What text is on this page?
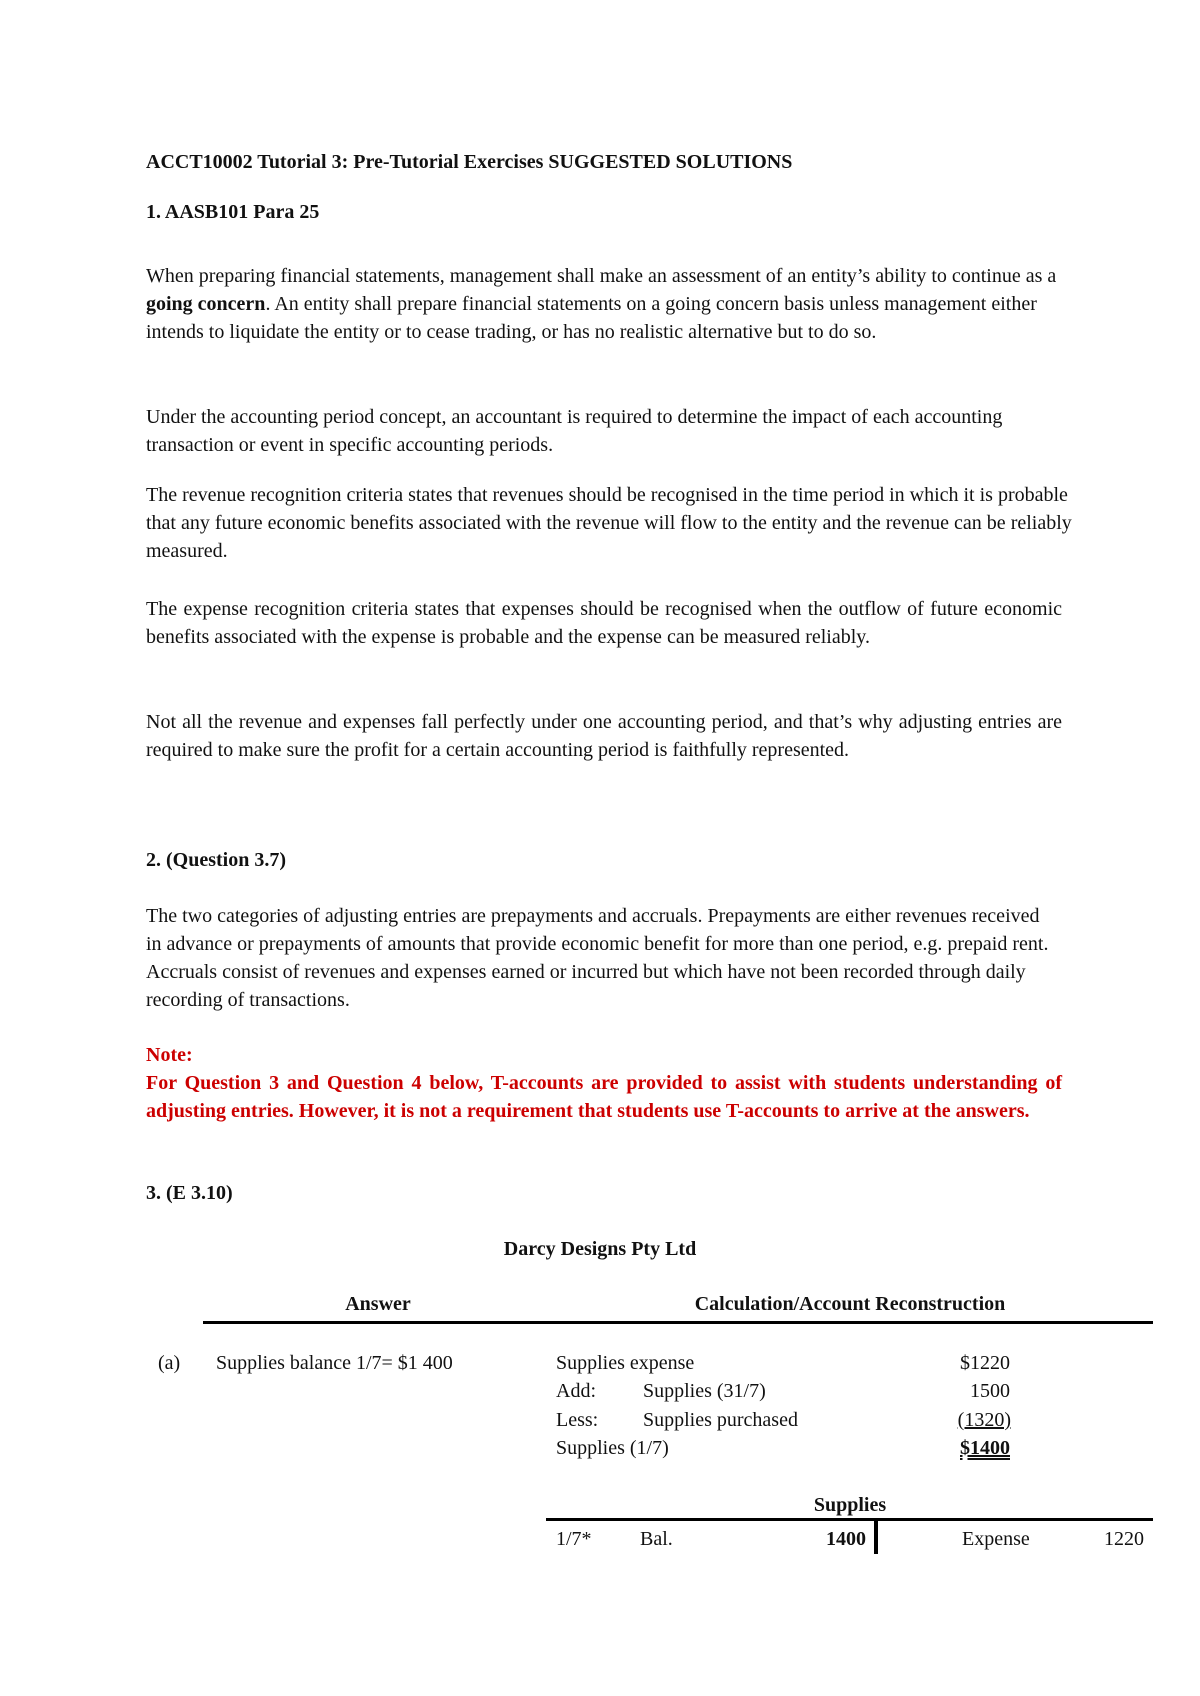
ACCT10002 Tutorial 3: Pre-Tutorial Exercises SUGGESTED SOLUTIONS
1. AASB101 Para 25

When preparing financial statements, management shall make an assessment of an entity’s ability to continue as a going concern. An entity shall prepare financial statements on a going concern basis unless management either intends to liquidate the entity or to cease trading, or has no realistic alternative but to do so.

Under the accounting period concept, an accountant is required to determine the impact of each accounting transaction or event in specific accounting periods.

The revenue recognition criteria states that revenues should be recognised in the time period in which it is probable that any future economic benefits associated with the revenue will flow to the entity and the revenue can be reliably measured.

The expense recognition criteria states that expenses should be recognised when the outflow of future economic benefits associated with the expense is probable and the expense can be measured reliably.

Not all the revenue and expenses fall perfectly under one accounting period, and that’s why adjusting entries are required to make sure the profit for a certain accounting period is faithfully represented.

2. (Question 3.7)

The two categories of adjusting entries are prepayments and accruals. Prepayments are either revenues received in advance or prepayments of amounts that provide economic benefit for more than one period, e.g. prepaid rent. Accruals consist of revenues and expenses earned or incurred but which have not been recorded through daily recording of transactions.

Note:

For Question 3 and Question 4 below, T-accounts are provided to assist with students understanding of adjusting entries. However, it is not a requirement that students use T-accounts to arrive at the answers.

3. (E 3.10)
Darcy Designs Pty Ltd
Answer	Calculation/Account Reconstruction
(a) Supplies balance 1/7= $1 400	Supplies expense	$1220
Add: Supplies (31/7)	1500
Less: Supplies purchased	(1320)
Supplies (1/7)	$1400
Supplies
1/7* Bal.	1400	Expense	1220
